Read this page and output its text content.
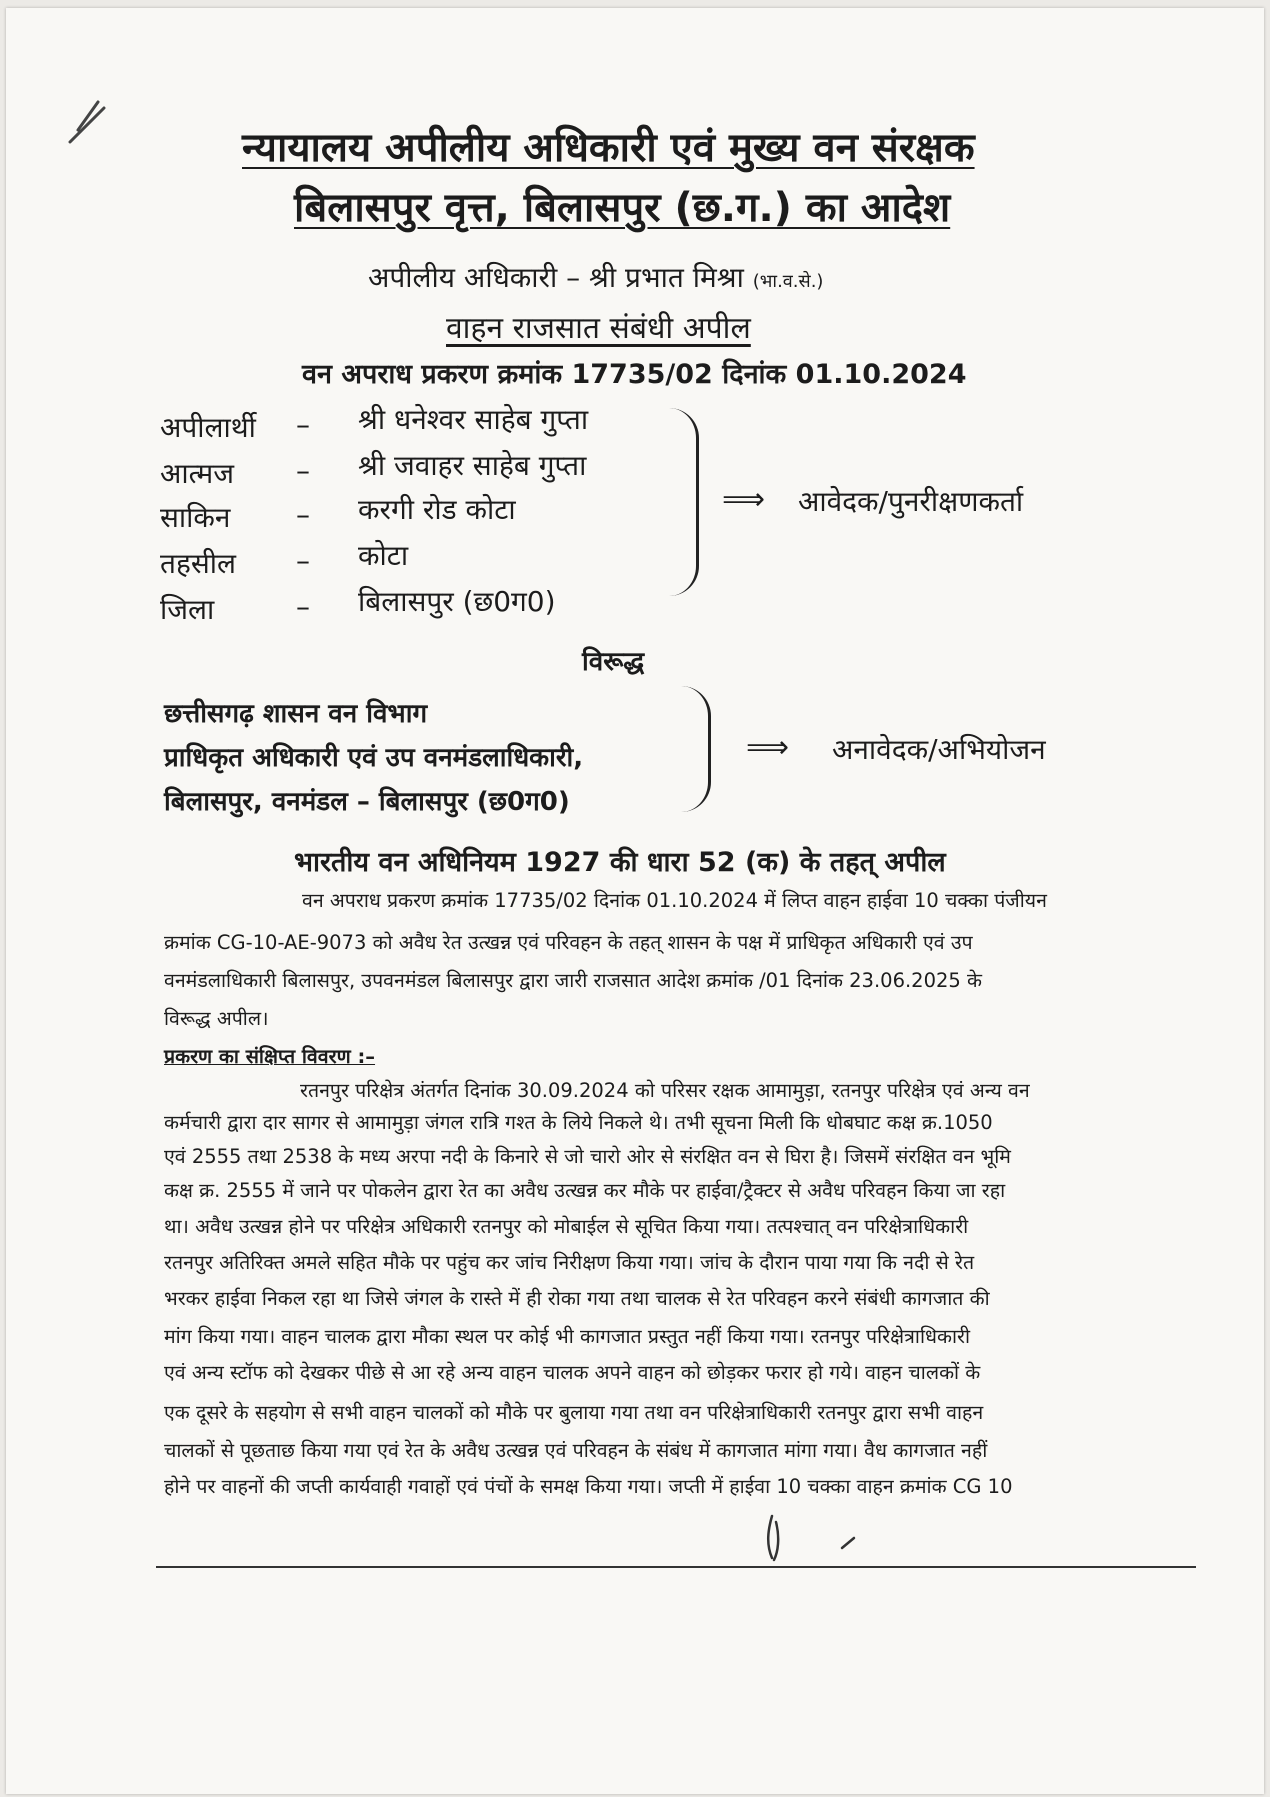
न्यायालय अपीलीय अधिकारी एवं मुख्य वन संरक्षक
बिलासपुर वृत्त, बिलासपुर (छ.ग.) का आदेश
अपीलीय अधिकारी – श्री प्रभात मिश्रा (भा.व.से.)
वाहन राजसात संबंधी अपील
वन अपराध प्रकरण क्रमांक 17735/02 दिनांक 01.10.2024
अपीलार्थी – श्री धनेश्वर साहेब गुप्ता
आत्मज – श्री जवाहर साहेब गुप्ता
साकिन – करगी रोड कोटा
तहसील – कोटा
जिला	– बिलासपुर (छ0ग0)
⟹ आवेदक/पुनरीक्षणकर्ता
विरूद्ध
छत्तीसगढ़ शासन वन विभाग
प्राधिकृत अधिकारी एवं उप वनमंडलाधिकारी,
बिलासपुर, वनमंडल – बिलासपुर (छ0ग0)
⟹ अनावेदक/अभियोजन
भारतीय वन अधिनियम 1927 की धारा 52 (क) के तहत् अपील
वन अपराध प्रकरण क्रमांक 17735/02 दिनांक 01.10.2024 में लिप्त वाहन हाईवा 10 चक्का पंजीयन
क्रमांक CG-10-AE-9073 को अवैध रेत उत्खन्न एवं परिवहन के तहत् शासन के पक्ष में प्राधिकृत अधिकारी एवं उप
वनमंडलाधिकारी बिलासपुर, उपवनमंडल बिलासपुर द्वारा जारी राजसात आदेश क्रमांक /01 दिनांक 23.06.2025 के
विरूद्ध अपील।
प्रकरण का संक्षिप्त विवरण :–
रतनपुर परिक्षेत्र अंतर्गत दिनांक 30.09.2024 को परिसर रक्षक आमामुड़ा, रतनपुर परिक्षेत्र एवं अन्य वन
कर्मचारी द्वारा दार सागर से आमामुड़ा जंगल रात्रि गश्त के लिये निकले थे। तभी सूचना मिली कि धोबघाट कक्ष क्र.1050
एवं 2555 तथा 2538 के मध्य अरपा नदी के किनारे से जो चारो ओर से संरक्षित वन से घिरा है। जिसमें संरक्षित वन भूमि
कक्ष क्र. 2555 में जाने पर पोकलेन द्वारा रेत का अवैध उत्खन्न कर मौके पर हाईवा/ट्रैक्टर से अवैध परिवहन किया जा रहा
था। अवैध उत्खन्न होने पर परिक्षेत्र अधिकारी रतनपुर को मोबाईल से सूचित किया गया। तत्पश्चात् वन परिक्षेत्राधिकारी
रतनपुर अतिरिक्त अमले सहित मौके पर पहुंच कर जांच निरीक्षण किया गया। जांच के दौरान पाया गया कि नदी से रेत
भरकर हाईवा निकल रहा था जिसे जंगल के रास्ते में ही रोका गया तथा चालक से रेत परिवहन करने संबंधी कागजात की
मांग किया गया। वाहन चालक द्वारा मौका स्थल पर कोई भी कागजात प्रस्तुत नहीं किया गया। रतनपुर परिक्षेत्राधिकारी
एवं अन्य स्टॉफ को देखकर पीछे से आ रहे अन्य वाहन चालक अपने वाहन को छोड़कर फरार हो गये। वाहन चालकों के
एक दूसरे के सहयोग से सभी वाहन चालकों को मौके पर बुलाया गया तथा वन परिक्षेत्राधिकारी रतनपुर द्वारा सभी वाहन
चालकों से पूछताछ किया गया एवं रेत के अवैध उत्खन्न एवं परिवहन के संबंध में कागजात मांगा गया। वैध कागजात नहीं
होने पर वाहनों की जप्ती कार्यवाही गवाहों एवं पंचों के समक्ष किया गया। जप्ती में हाईवा 10 चक्का वाहन क्रमांक CG 10
